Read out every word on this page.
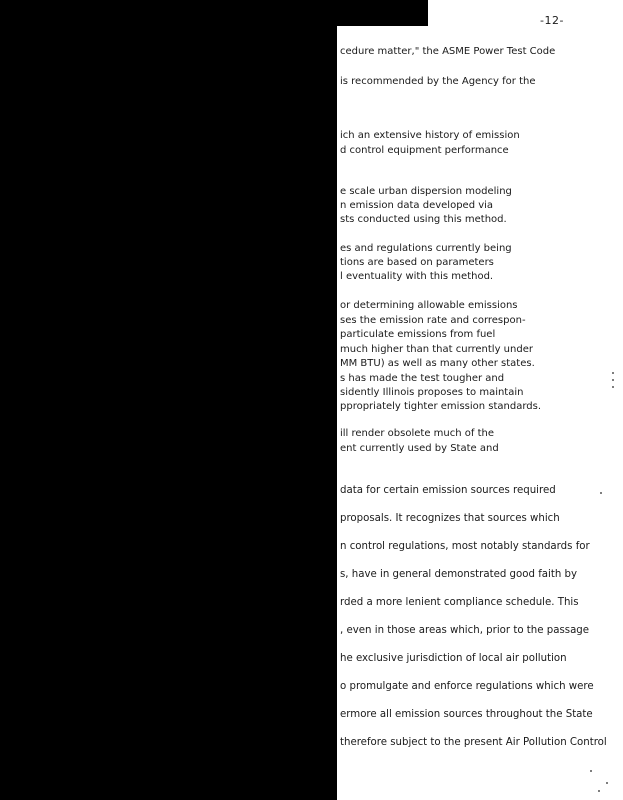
-12-
cedure matter," the ASME Power Test Code
is recommended by the Agency for the
ich an extensive history of emission
d control equipment performance
e scale urban dispersion modeling
n emission data developed via
sts conducted using this method.
es and regulations currently being
tions are based on parameters
l eventuality with this method.
or determining allowable emissions
ses the emission rate and correspon-
particulate emissions from fuel
much higher than that currently under
MM BTU) as well as many other states.
s has made the test tougher and
sidently Illinois proposes to maintain
ppropriately tighter emission standards.
ill render obsolete much of the
ent currently used by State and
data for certain emission sources required
proposals. It recognizes that sources which
n control regulations, most notably standards for
s, have in general demonstrated good faith by
rded a more lenient compliance schedule. This
, even in those areas which, prior to the passage
he exclusive jurisdiction of local air pollution
o promulgate and enforce regulations which were
ermore all emission sources throughout the State
therefore subject to the present Air Pollution Control
